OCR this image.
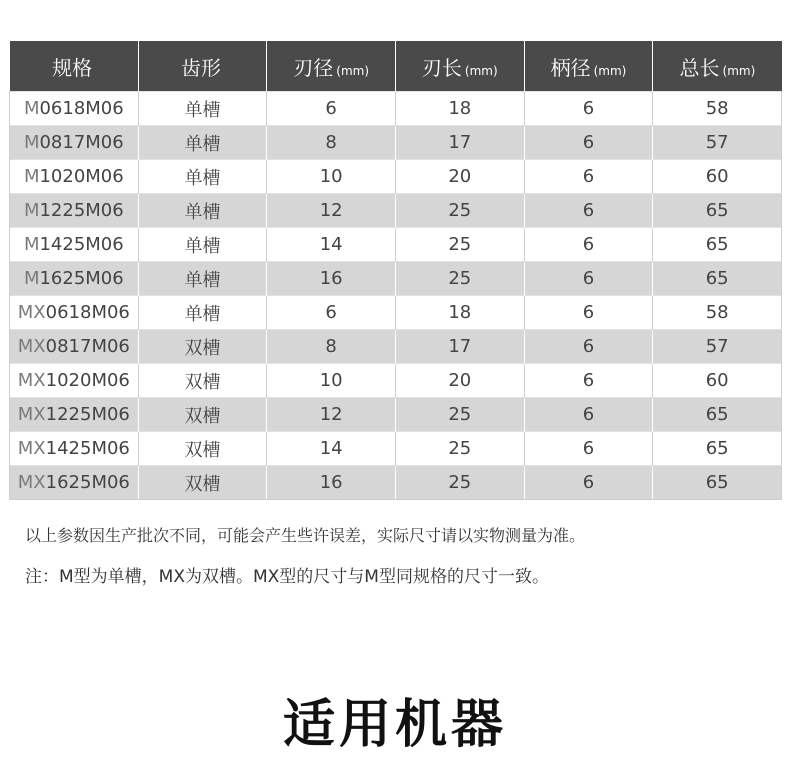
规格	齿形	刃径 (mm)	刃长 (mm)	柄径 (mm)	总长 (mm)
M0618M06	单槽	6	18	6	58
M0817M06	单槽	8	17	6	57
M1020M06	单槽	10	20	6	60
M1225M06	单槽	12	25	6	65
M1425M06	单槽	14	25	6	65
M1625M06	单槽	16	25	6	65
MX0618M06	单槽	6	18	6	58
MX0817M06	双槽	8	17	6	57
MX1020M06	双槽	10	20	6	60
MX1225M06	双槽	12	25	6	65
MX1425M06	双槽	14	25	6	65
MX1625M06	双槽	16	25	6	65
以上参数因生产批次不同，可能会产生些许误差，实际尺寸请以实物测量为准。
注：M型为单槽，MX为双槽。MX型的尺寸与M型同规格的尺寸一致。
适用机器
